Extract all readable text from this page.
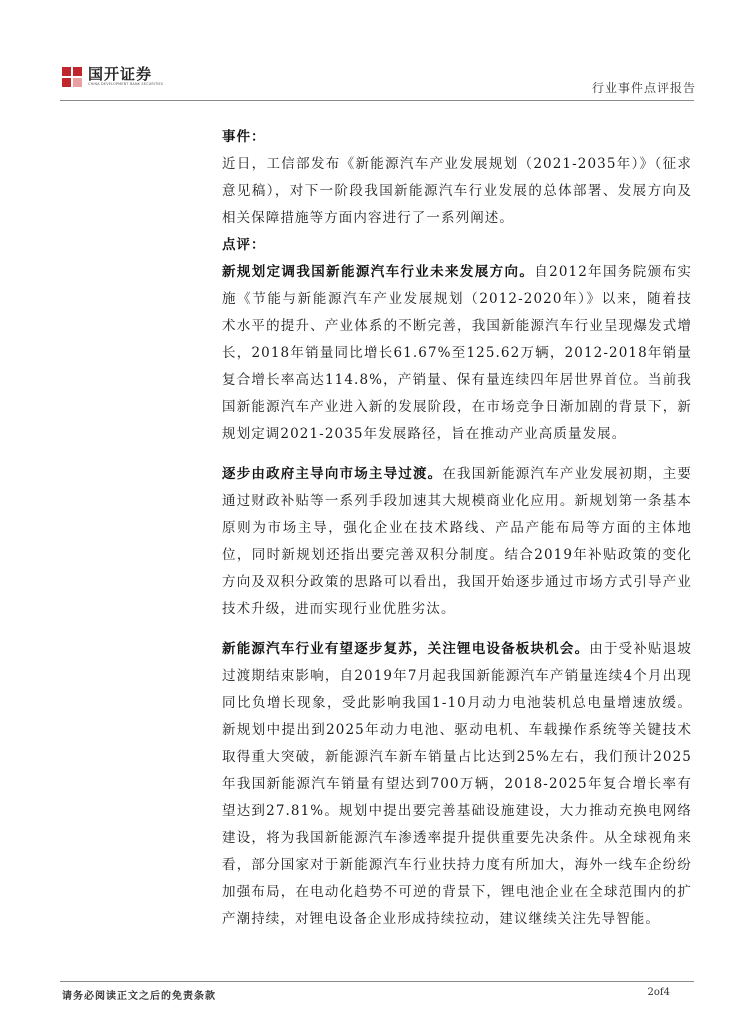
国开证券
CHINA DEVELOPMENT BANK SECURITIES	行业事件点评报告
事件：

近日，工信部发布《新能源汽车产业发展规划（2021-2035年）》（征求意见稿），对下一阶段我国新能源汽车行业发展的总体部署、发展方向及相关保障措施等方面内容进行了一系列阐述。

点评：

新规划定调我国新能源汽车行业未来发展方向。自2012年国务院颁布实施《节能与新能源汽车产业发展规划（2012-2020年）》以来，随着技术水平的提升、产业体系的不断完善，我国新能源汽车行业呈现爆发式增长，2018年销量同比增长61.67%至125.62万辆，2012-2018年销量复合增长率高达114.8%，产销量、保有量连续四年居世界首位。当前我国新能源汽车产业进入新的发展阶段，在市场竞争日渐加剧的背景下，新规划定调2021-2035年发展路径，旨在推动产业高质量发展。

逐步由政府主导向市场主导过渡。在我国新能源汽车产业发展初期，主要通过财政补贴等一系列手段加速其大规模商业化应用。新规划第一条基本原则为市场主导，强化企业在技术路线、产品产能布局等方面的主体地位，同时新规划还指出要完善双积分制度。结合2019年补贴政策的变化方向及双积分政策的思路可以看出，我国开始逐步通过市场方式引导产业技术升级，进而实现行业优胜劣汰。

新能源汽车行业有望逐步复苏，关注锂电设备板块机会。由于受补贴退坡过渡期结束影响，自2019年7月起我国新能源汽车产销量连续4个月出现同比负增长现象，受此影响我国1-10月动力电池装机总电量增速放缓。新规划中提出到2025年动力电池、驱动电机、车载操作系统等关键技术取得重大突破，新能源汽车新车销量占比达到25%左右，我们预计2025年我国新能源汽车销量有望达到700万辆，2018-2025年复合增长率有望达到27.81%。规划中提出要完善基础设施建设，大力推动充换电网络建设，将为我国新能源汽车渗透率提升提供重要先决条件。从全球视角来看，部分国家对于新能源汽车行业扶持力度有所加大，海外一线车企纷纷加强布局，在电动化趋势不可逆的背景下，锂电池企业在全球范围内的扩产潮持续，对锂电设备企业形成持续拉动，建议继续关注先导智能。

请务必阅读正文之后的免责条款	2of4
